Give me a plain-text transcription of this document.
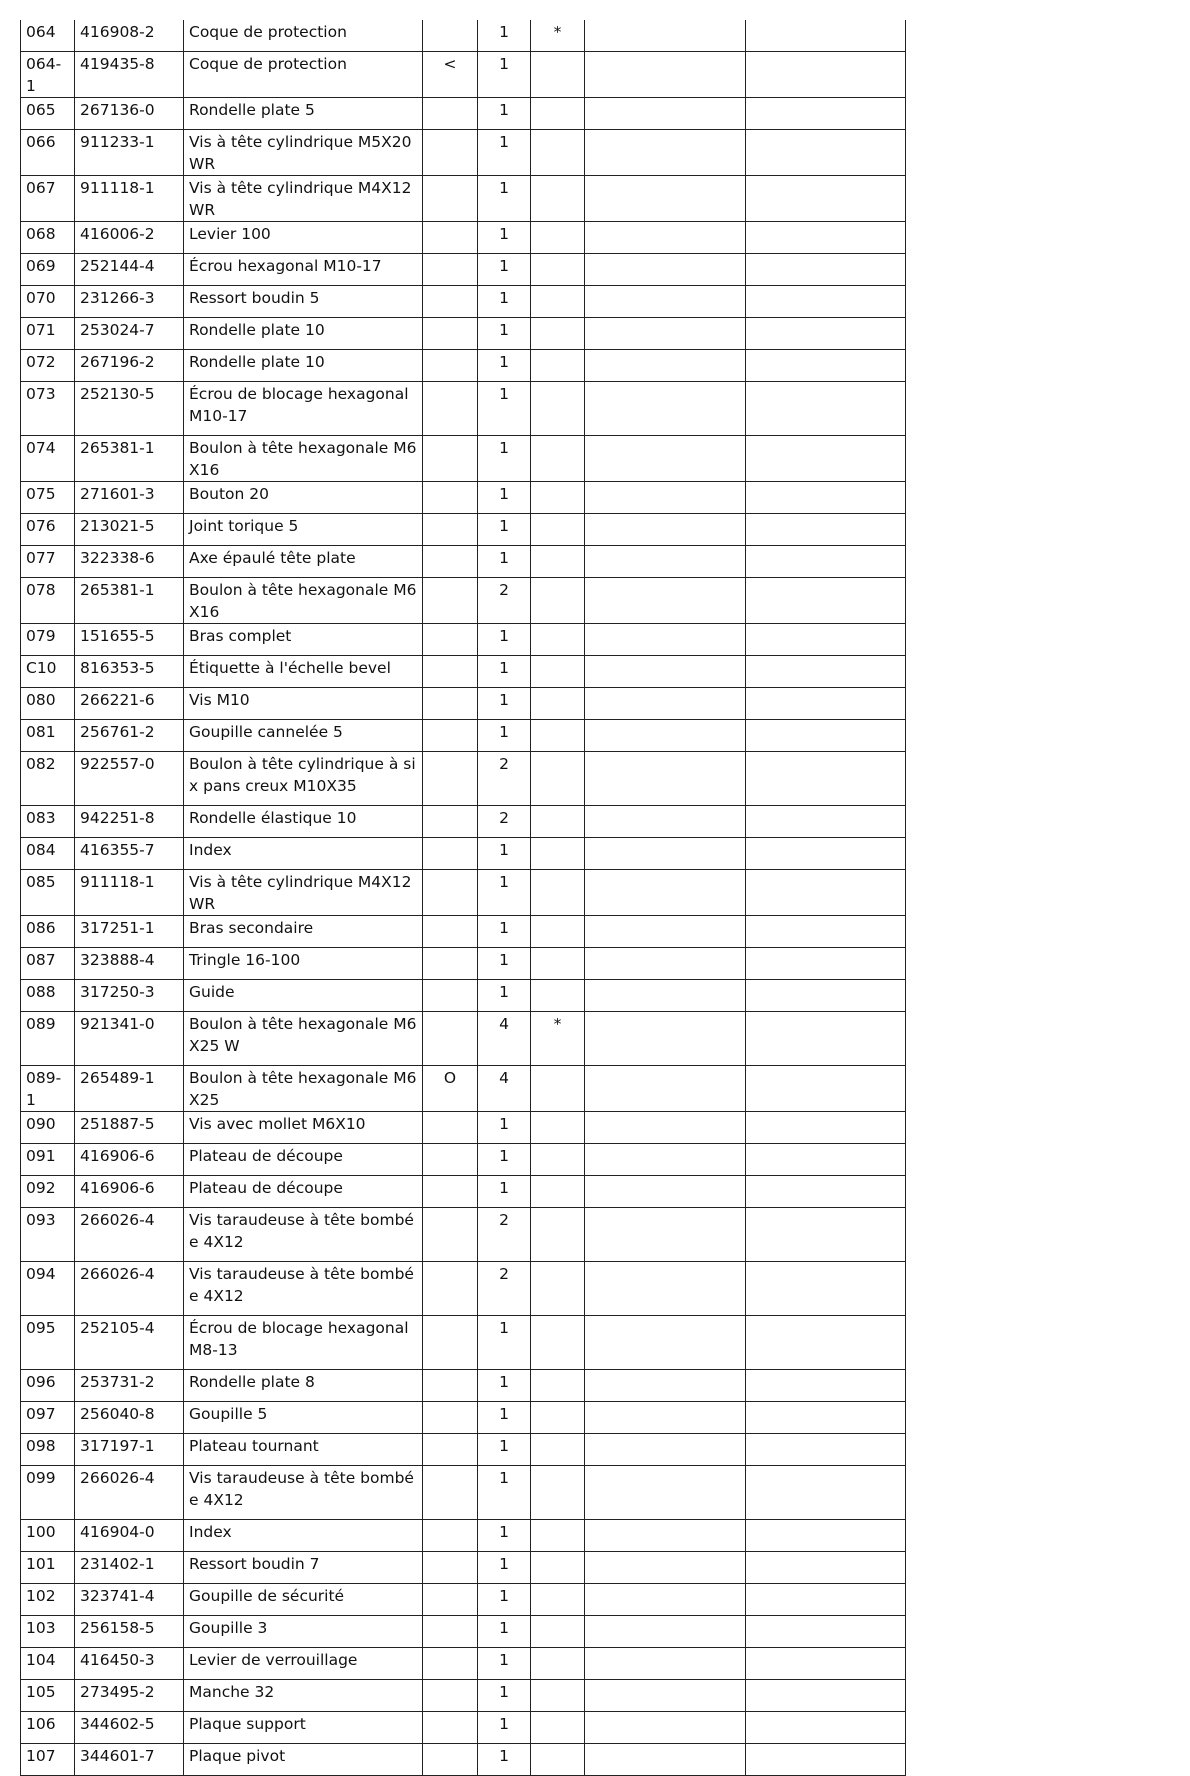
064	416908-2	Coque de protection		1	*		
064-1	419435-8	Coque de protection	<	1			
065	267136-0	Rondelle plate 5		1			
066	911233-1	Vis à tête cylindrique M5X20 WR		1			
067	911118-1	Vis à tête cylindrique M4X12 WR		1			
068	416006-2	Levier 100		1			
069	252144-4	Écrou hexagonal M10-17		1			
070	231266-3	Ressort boudin 5		1			
071	253024-7	Rondelle plate 10		1			
072	267196-2	Rondelle plate 10		1			
073	252130-5	Écrou de blocage hexagonal M10-17		1			
074	265381-1	Boulon à tête hexagonale M6X16		1			
075	271601-3	Bouton 20		1			
076	213021-5	Joint torique 5		1			
077	322338-6	Axe épaulé tête plate		1			
078	265381-1	Boulon à tête hexagonale M6X16		2			
079	151655-5	Bras complet		1			
C10	816353-5	Étiquette à l'échelle bevel		1			
080	266221-6	Vis M10		1			
081	256761-2	Goupille cannelée 5		1			
082	922557-0	Boulon à tête cylindrique à six pans creux M10X35		2			
083	942251-8	Rondelle élastique 10		2			
084	416355-7	Index		1			
085	911118-1	Vis à tête cylindrique M4X12 WR		1			
086	317251-1	Bras secondaire		1			
087	323888-4	Tringle 16-100		1			
088	317250-3	Guide		1			
089	921341-0	Boulon à tête hexagonale M6X25 W		4	*		
089-1	265489-1	Boulon à tête hexagonale M6X25	O	4			
090	251887-5	Vis avec mollet M6X10		1			
091	416906-6	Plateau de découpe		1			
092	416906-6	Plateau de découpe		1			
093	266026-4	Vis taraudeuse à tête bombée 4X12		2			
094	266026-4	Vis taraudeuse à tête bombée 4X12		2			
095	252105-4	Écrou de blocage hexagonal M8-13		1			
096	253731-2	Rondelle plate 8		1			
097	256040-8	Goupille 5		1			
098	317197-1	Plateau tournant		1			
099	266026-4	Vis taraudeuse à tête bombée 4X12		1			
100	416904-0	Index		1			
101	231402-1	Ressort boudin 7		1			
102	323741-4	Goupille de sécurité		1			
103	256158-5	Goupille 3		1			
104	416450-3	Levier de verrouillage		1			
105	273495-2	Manche 32		1			
106	344602-5	Plaque support		1			
107	344601-7	Plaque pivot		1			
